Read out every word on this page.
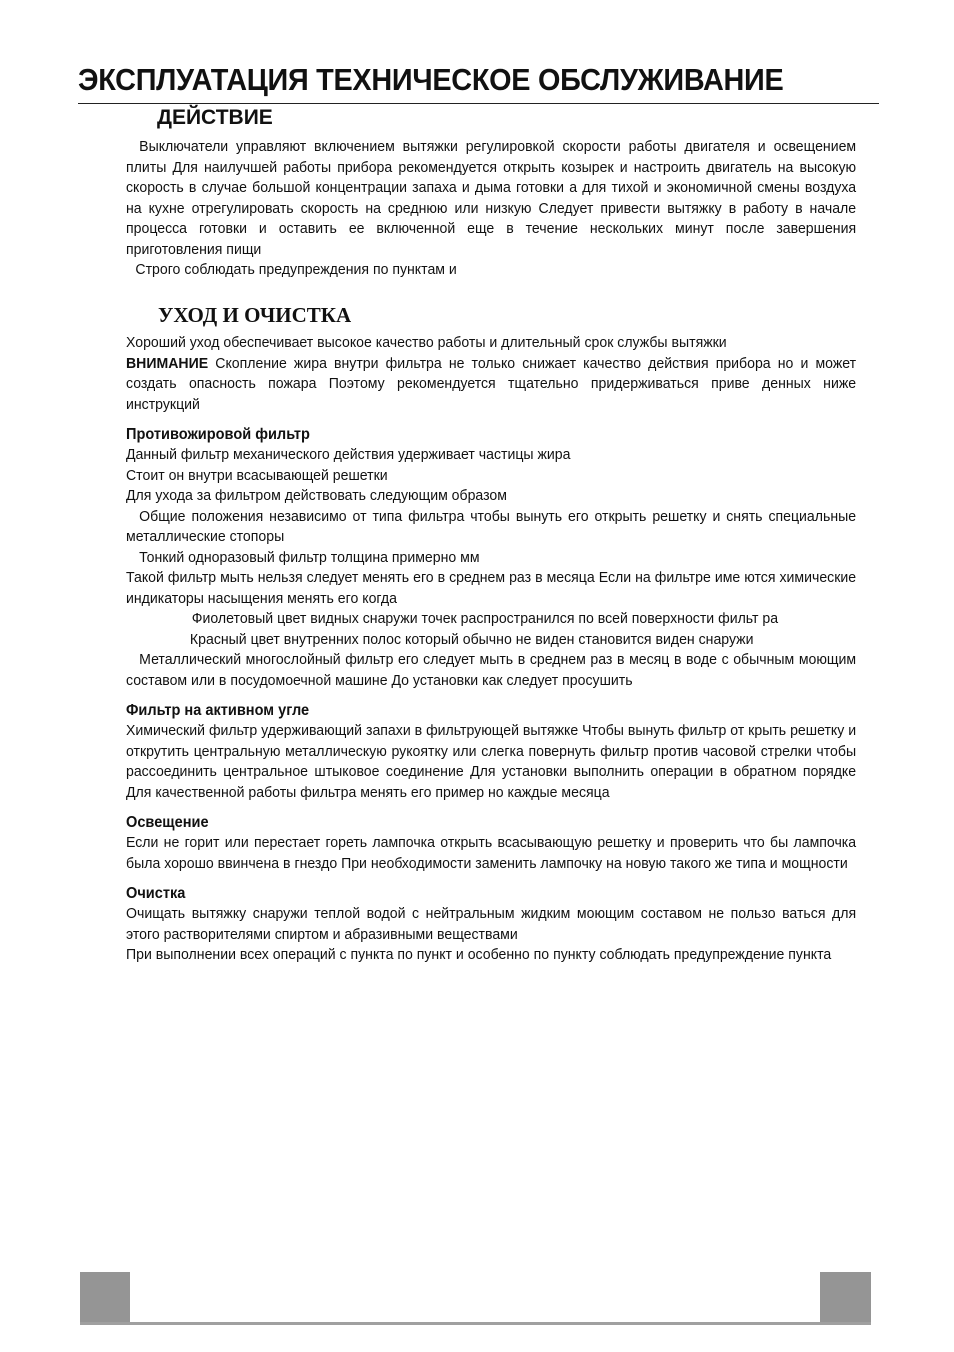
ЭКСПЛУАТАЦИЯ ТЕХНИЧЕСКОЕ ОБСЛУЖИВАНИЕ
ДЕЙСТВИЕ

Выключатели управляют включением вытяжки регулировкой скорости работы двигателя и освещением плиты Для наилучшей работы прибора рекомендуется открыть козырек и настроить двигатель на высокую скорость в случае большой концентрации запаха и дыма готовки а для тихой и экономичной смены воздуха на кухне отрегулировать скорость на среднюю или низкую Следует привести вытяжку в работу в начале процесса готовки и оставить ее включенной еще в течение нескольких минут после завершения приготовления пищи

Строго соблюдать предупреждения по пунктам и

УХОД И ОЧИСТКА

Хороший уход обеспечивает высокое качество работы и длительный срок службы вытяжки

ВНИМАНИЕ Скопление жира внутри фильтра не только снижает качество действия прибора но и может создать опасность пожара Поэтому рекомендуется тщательно придерживаться приве денных ниже инструкций

Противожировой фильтр

Данный фильтр механического действия удерживает частицы жира

Стоит он внутри всасывающей решетки

Для ухода за фильтром действовать следующим образом

Общие положения независимо от типа фильтра чтобы вынуть его открыть решетку и снять специальные металлические стопоры

Тонкий одноразовый фильтр толщина примерно мм

Такой фильтр мыть нельзя следует менять его в среднем раз в месяца Если на фильтре име ются химические индикаторы насыщения менять его когда

Фиолетовый цвет видных снаружи точек распространился по всей поверхности фильт ра

Красный цвет внутренних полос который обычно не виден становится виден снаружи

Металлический многослойный фильтр его следует мыть в среднем раз в месяц в воде с обычным моющим составом или в посудомоечной машине До установки как следует просушить

Фильтр на активном угле

Химический фильтр удерживающий запахи в фильтрующей вытяжке Чтобы вынуть фильтр от крыть решетку и открутить центральную металлическую рукоятку или слегка повернуть фильтр против часовой стрелки чтобы рассоединить центральное штыковое соединение Для установки выполнить операции в обратном порядке Для качественной работы фильтра менять его пример но каждые месяца

Освещение

Если не горит или перестает гореть лампочка открыть всасывающую решетку и проверить что бы лампочка была хорошо ввинчена в гнездо При необходимости заменить лампочку на новую такого же типа и мощности

Очистка

Очищать вытяжку снаружи теплой водой с нейтральным жидким моющим составом не пользо ваться для этого растворителями спиртом и абразивными веществами

При выполнении всех операций с пункта по пункт и особенно по пункту соблюдать предупреждение пункта
